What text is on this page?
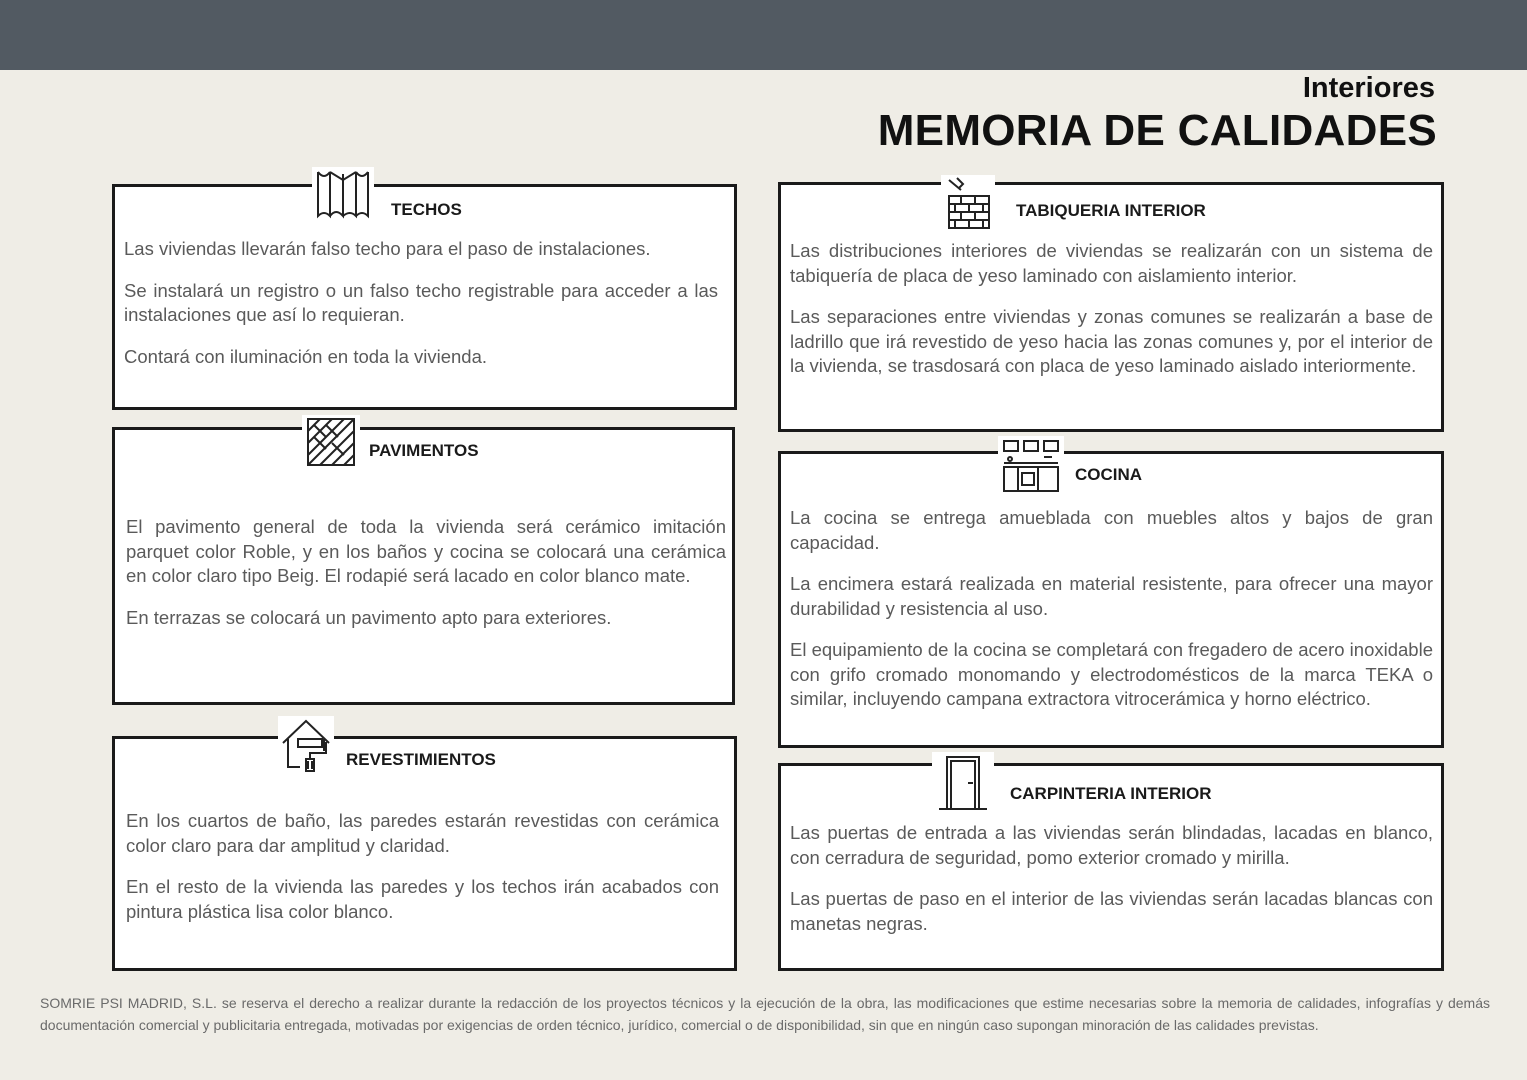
Interiores
MEMORIA DE CALIDADES
TECHOS

Las viviendas llevarán falso techo para el paso de instalaciones.

Se instalará un registro o un falso techo registrable para acceder a las instalaciones que así lo requieran.

Contará con iluminación en toda la vivienda.

PAVIMENTOS

El pavimento general de toda la vivienda será cerámico imitación parquet color Roble, y en los baños y cocina se colocará una cerámica en color claro tipo Beig. El rodapié será lacado en color blanco mate.

En terrazas se colocará un pavimento apto para exteriores.

REVESTIMIENTOS

En los cuartos de baño, las paredes estarán revestidas con cerámica color claro para dar amplitud y claridad.

En el resto de la vivienda las paredes y los techos irán acabados con pintura plástica lisa color blanco.

TABIQUERIA INTERIOR

Las distribuciones interiores de viviendas se realizarán con un sistema de tabiquería de placa de yeso laminado con aislamiento interior.

Las separaciones entre viviendas y zonas comunes se realizarán a base de ladrillo que irá revestido de yeso hacia las zonas comunes y, por el interior de la vivienda, se trasdosará con placa de yeso laminado aislado interiormente.

COCINA

La cocina se entrega amueblada con muebles altos y bajos de gran capacidad.

La encimera estará realizada en material resistente, para ofrecer una mayor durabilidad y resistencia al uso.

El equipamiento de la cocina se completará con fregadero de acero inoxidable con grifo cromado monomando y electrodomésticos de la marca TEKA o similar, incluyendo campana extractora vitrocerámica y horno eléctrico.

CARPINTERIA INTERIOR

Las puertas de entrada a las viviendas serán blindadas, lacadas en blanco, con cerradura de seguridad, pomo exterior cromado y mirilla.

Las puertas de paso en el interior de las viviendas serán lacadas blancas con manetas negras.

SOMRIE PSI MADRID, S.L. se reserva el derecho a realizar durante la redacción de los proyectos técnicos y la ejecución de la obra, las modificaciones que estime necesarias sobre la memoria de calidades, infografías y demás documentación comercial y publicitaria entregada, motivadas por exigencias de orden técnico, jurídico, comercial o de disponibilidad, sin que en ningún caso supongan minoración de las calidades previstas.
